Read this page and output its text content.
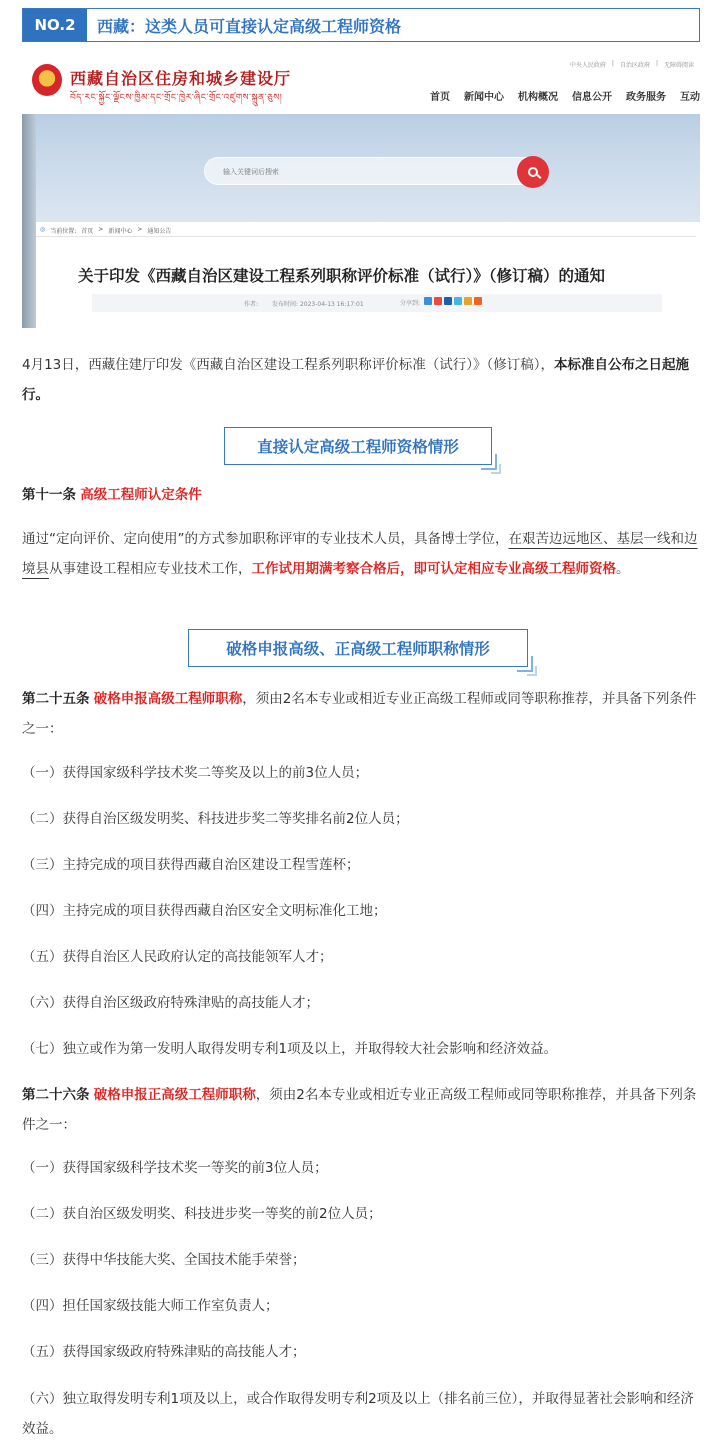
NO.2	西藏：这类人员可直接认定高级工程师资格
西藏自治区住房和城乡建设厅
བོད་རང་སྐྱོང་ལྗོངས་ཁྱིམ་དང་གྲོང་ཁྱེར་ཞིང་གྲོང་འཛུགས་སྐྲུན་ཅུས།
中央人民政府 | 自治区政府 | 无障碍阅读
首页 新闻中心 机构概况 信息公开 政务服务 互动
输入关键词后搜索
◎ 当前位置: 首页 > 新闻中心 > 通知公告
关于印发《西藏自治区建设工程系列职称评价标准（试行）》（修订稿）的通知
作者: 发布时间: 2023-04-13 16:17:01	分享到:
4月13日，西藏住建厅印发《西藏自治区建设工程系列职称评价标准（试行）》（修订稿），本标准自公布之日起施行。
直接认定高级工程师资格情形
第十一条 高级工程师认定条件
通过“定向评价、定向使用”的方式参加职称评审的专业技术人员，具备博士学位，在艰苦边远地区、基层一线和边境县从事建设工程相应专业技术工作，工作试用期满考察合格后，即可认定相应专业高级工程师资格。
破格申报高级、正高级工程师职称情形
第二十五条 破格申报高级工程师职称，须由2名本专业或相近专业正高级工程师或同等职称推荐，并具备下列条件之一：
（一）获得国家级科学技术奖二等奖及以上的前3位人员；
（二）获得自治区级发明奖、科技进步奖二等奖排名前2位人员；
（三）主持完成的项目获得西藏自治区建设工程雪莲杯；
（四）主持完成的项目获得西藏自治区安全文明标准化工地；
（五）获得自治区人民政府认定的高技能领军人才；
（六）获得自治区级政府特殊津贴的高技能人才；
（七）独立或作为第一发明人取得发明专利1项及以上，并取得较大社会影响和经济效益。
第二十六条 破格申报正高级工程师职称，须由2名本专业或相近专业正高级工程师或同等职称推荐，并具备下列条件之一：
（一）获得国家级科学技术奖一等奖的前3位人员；
（二）获自治区级发明奖、科技进步奖一等奖的前2位人员；
（三）获得中华技能大奖、全国技术能手荣誉；
（四）担任国家级技能大师工作室负责人；
（五）获得国家级政府特殊津贴的高技能人才；
（六）独立取得发明专利1项及以上，或合作取得发明专利2项及以上（排名前三位），并取得显著社会影响和经济效益。
